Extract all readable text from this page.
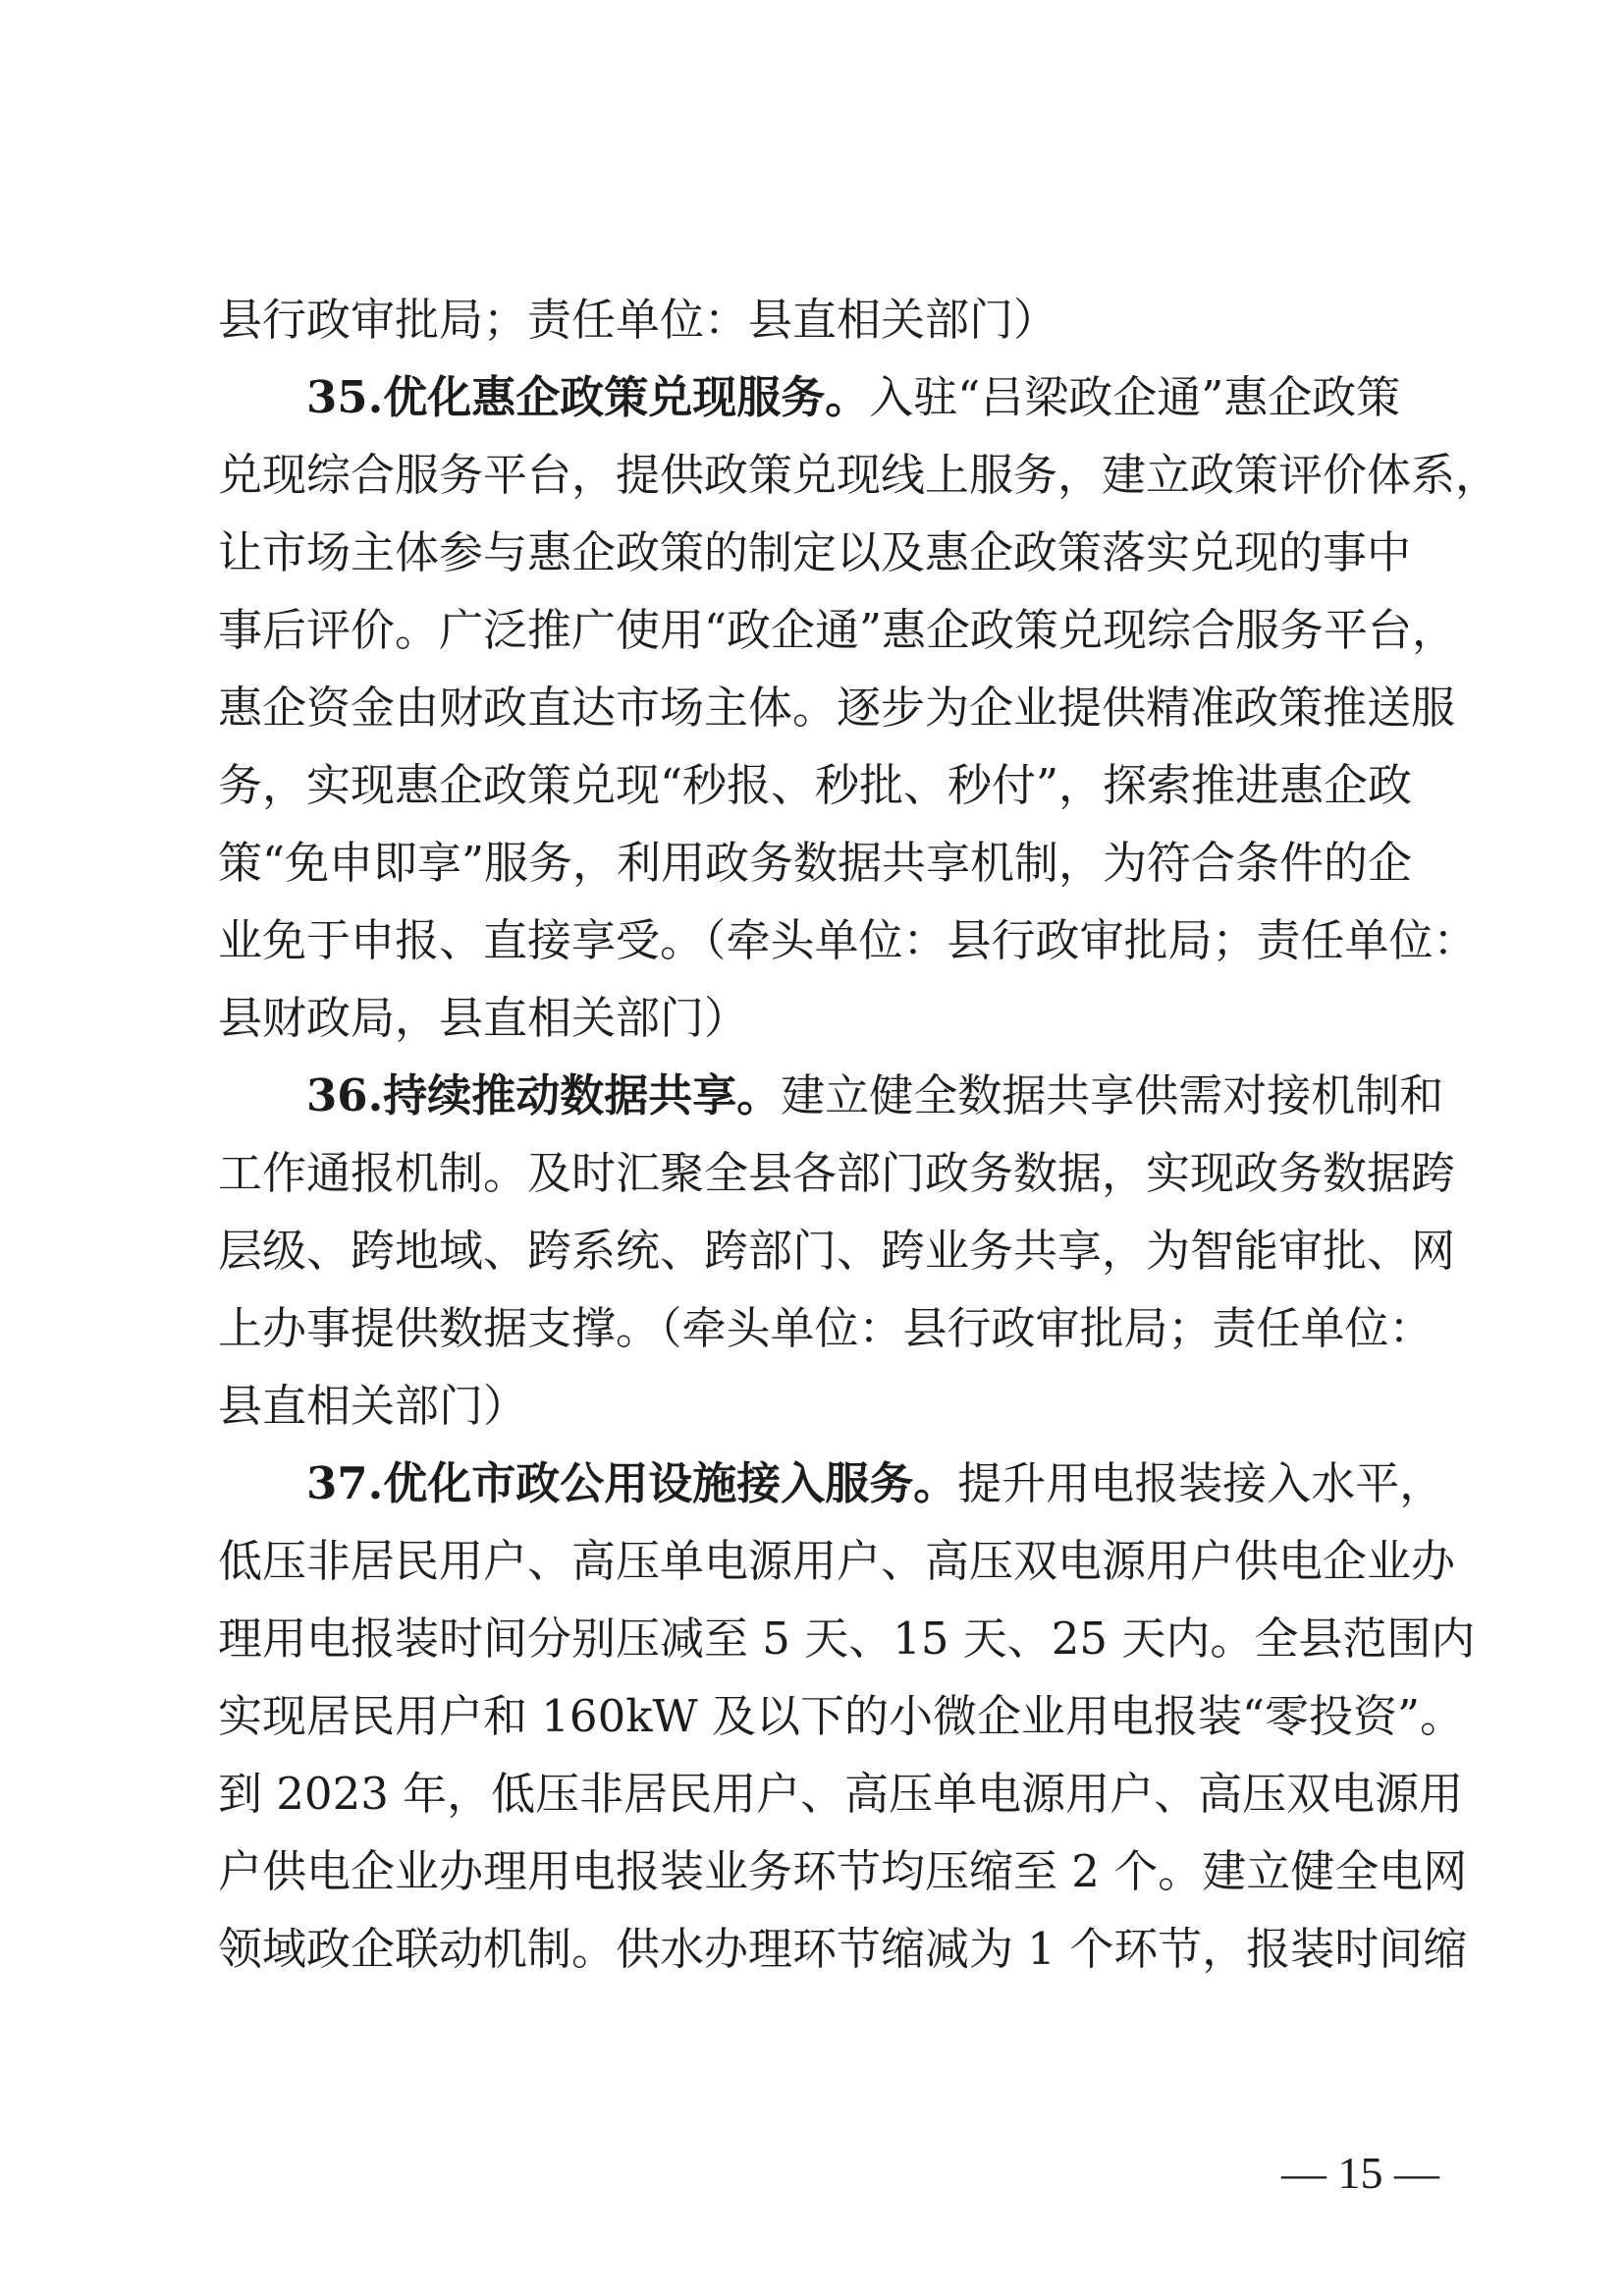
县行政审批局；责任单位：县直相关部门）
35.优化惠企政策兑现服务。入驻“吕梁政企通”惠企政策
兑现综合服务平台，提供政策兑现线上服务，建立政策评价体系，
让市场主体参与惠企政策的制定以及惠企政策落实兑现的事中
事后评价。广泛推广使用“政企通”惠企政策兑现综合服务平台，
惠企资金由财政直达市场主体。逐步为企业提供精准政策推送服
务，实现惠企政策兑现“秒报、秒批、秒付”，探索推进惠企政
策“免申即享”服务，利用政务数据共享机制，为符合条件的企
业免于申报、直接享受。（牵头单位：县行政审批局；责任单位：
县财政局，县直相关部门）
36.持续推动数据共享。建立健全数据共享供需对接机制和
工作通报机制。及时汇聚全县各部门政务数据，实现政务数据跨
层级、跨地域、跨系统、跨部门、跨业务共享，为智能审批、网
上办事提供数据支撑。（牵头单位：县行政审批局；责任单位：
县直相关部门）
37.优化市政公用设施接入服务。提升用电报装接入水平，
低压非居民用户、高压单电源用户、高压双电源用户供电企业办
理用电报装时间分别压减至 5 天、15 天、25 天内。全县范围内
实现居民用户和 160kW 及以下的小微企业用电报装“零投资”。
到 2023 年，低压非居民用户、高压单电源用户、高压双电源用
户供电企业办理用电报装业务环节均压缩至 2 个。建立健全电网
领域政企联动机制。供水办理环节缩减为 1 个环节，报装时间缩
— 15 —
